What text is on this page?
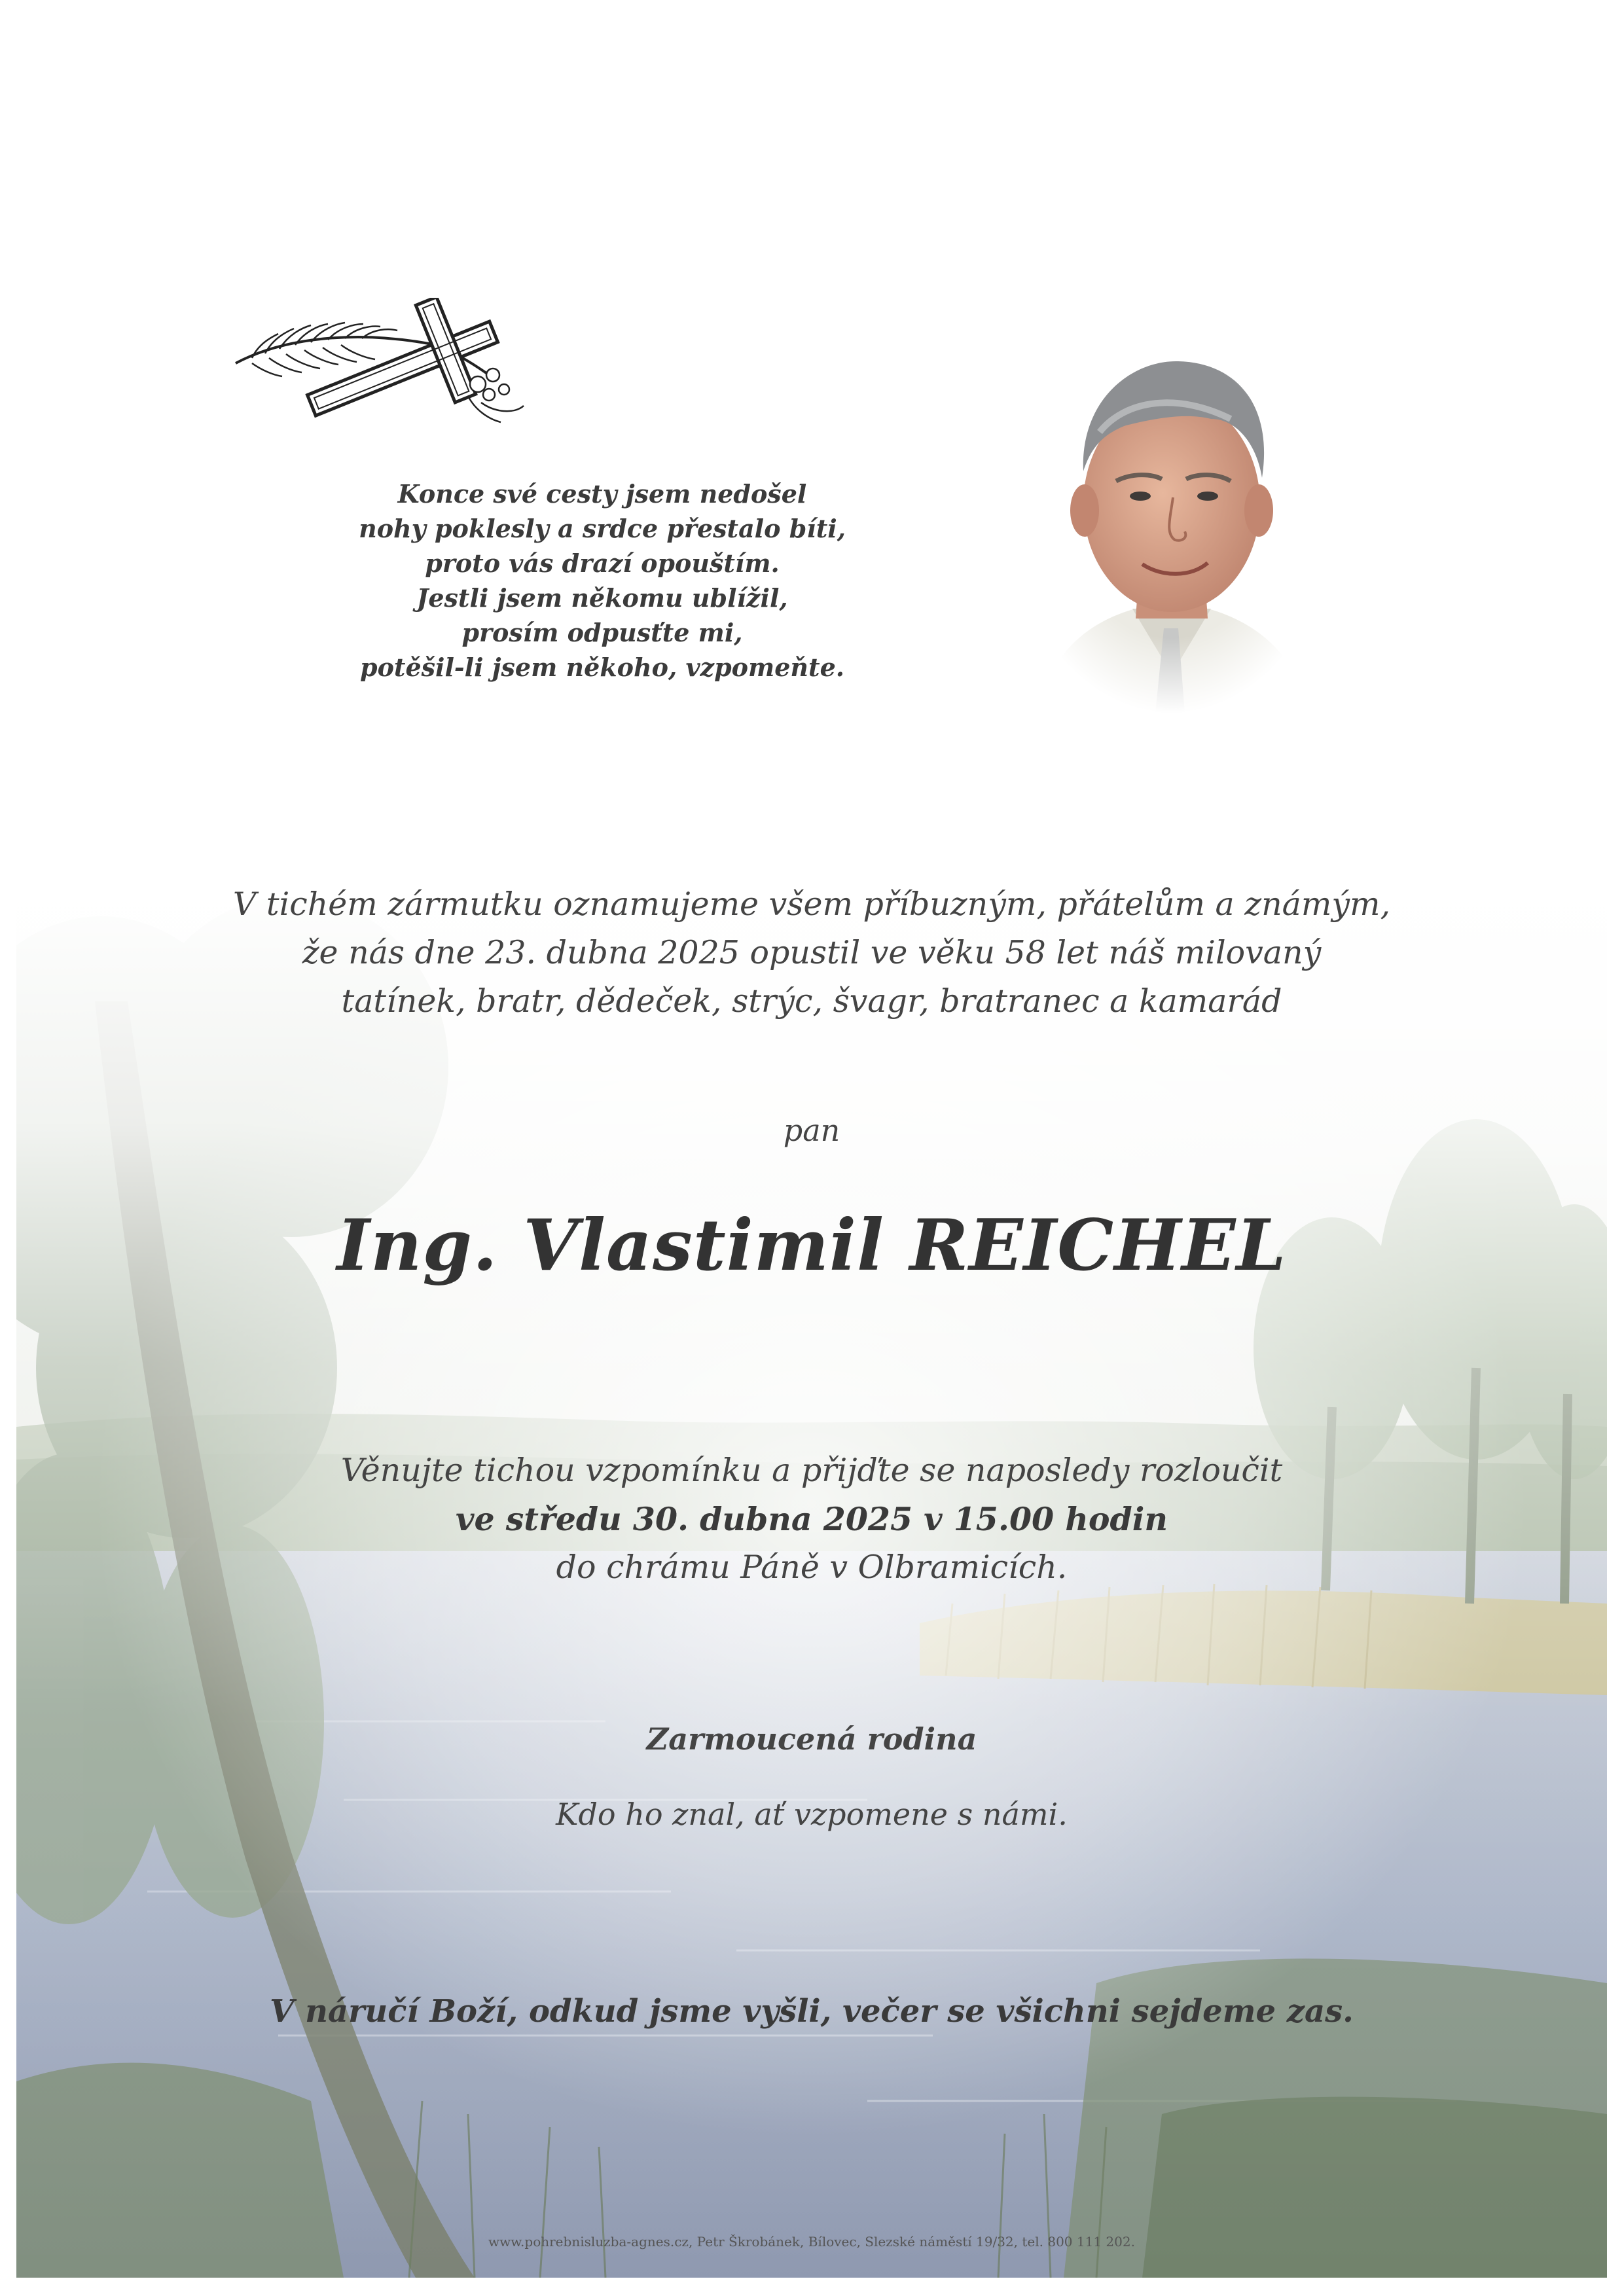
Konce své cesty jsem nedošel
nohy poklesly a srdce přestalo bíti,
proto vás drazí opouštím.
Jestli jsem někomu ublížil,
prosím odpusťte mi,
potěšil-li jsem někoho, vzpomeňte.
V tichém zármutku oznamujeme všem příbuzným, přátelům a známým,
že nás dne 23. dubna 2025 opustil ve věku 58 let náš milovaný
tatínek, bratr, dědeček, strýc, švagr, bratranec a kamarád
pan
Ing. Vlastimil REICHEL
Věnujte tichou vzpomínku a přijďte se naposledy rozloučit
ve středu 30. dubna 2025 v 15.00 hodin
do chrámu Páně v Olbramicích.
Zarmoucená rodina
Kdo ho znal, ať vzpomene s námi.
V náručí Boží, odkud jsme vyšli, večer se všichni sejdeme zas.
www.pohrebnisluzba-agnes.cz, Petr Škrobánek, Bílovec, Slezské náměstí 19/32, tel. 800 111 202.
